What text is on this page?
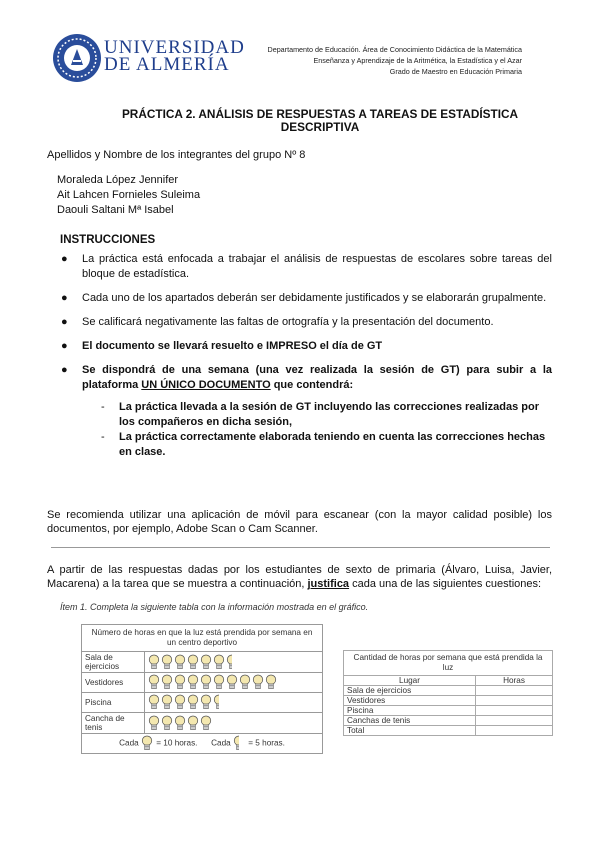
UNIVERSIDAD
DE ALMERÍA
Departamento de Educación. Área de Conocimiento Didáctica de la Matemática
Enseñanza y Aprendizaje de la Aritmética, la Estadística y el Azar
Grado de Maestro en Educación Primaria
PRÁCTICA 2. ANÁLISIS DE RESPUESTAS A TAREAS DE ESTADÍSTICA
DESCRIPTIVA
Apellidos y Nombre de los integrantes del grupo Nº 8
Moraleda López Jennifer
Ait Lahcen Fornieles Suleima
Daouli Saltani Mª Isabel
INSTRUCCIONES
● La práctica está enfocada a trabajar el análisis de respuestas de escolares sobre tareas del bloque de estadística.
● Cada uno de los apartados deberán ser debidamente justificados y se elaborarán grupalmente.
● Se calificará negativamente las faltas de ortografía y la presentación del documento.
● El documento se llevará resuelto e IMPRESO el día de GT
● Se dispondrá de una semana (una vez realizada la sesión de GT) para subir a la plataforma UN ÚNICO DOCUMENTO que contendrá:
- La práctica llevada a la sesión de GT incluyendo las correcciones realizadas por los compañeros en dicha sesión,
- La práctica correctamente elaborada teniendo en cuenta las correcciones hechas en clase.
Se recomienda utilizar una aplicación de móvil para escanear (con la mayor calidad posible) los documentos, por ejemplo, Adobe Scan o Cam Scanner.
A partir de las respuestas dadas por los estudiantes de sexto de primaria (Álvaro, Luisa, Javier, Macarena) a la tarea que se muestra a continuación, justifica cada una de las siguientes cuestiones:
Ítem 1. Completa la siguiente tabla con la información mostrada en el gráfico.
Número de horas en que la luz está prendida por semana en un centro deportivo	
Sala de ejercicios	
Vestidores	
Piscina	
Cancha de tenis	
Cada = 10 horas. Cada = 5 horas.	
Cantidad de horas por semana que está prendida la luz	
Lugar	Horas
Sala de ejercicios	
Vestidores	
Piscina	
Canchas de tenis	
Total	
